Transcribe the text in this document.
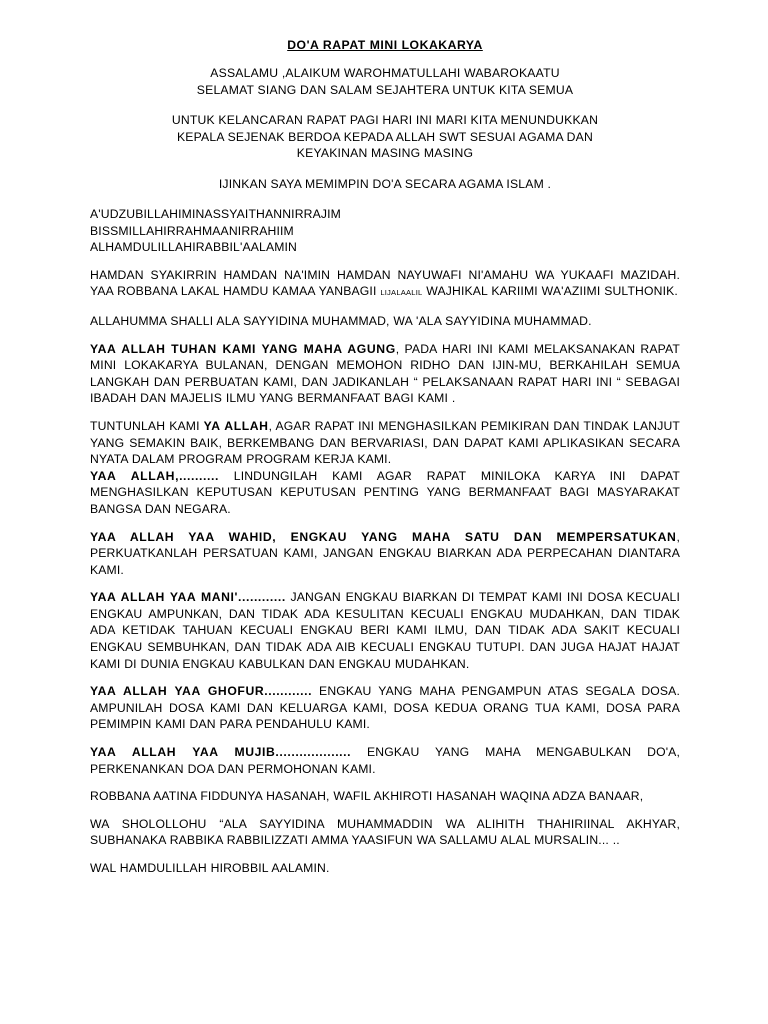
DO'A RAPAT MINI LOKAKARYA
ASSALAMU ,ALAIKUM WAROHMATULLAHI WABAROKAATU
SELAMAT SIANG DAN SALAM SEJAHTERA UNTUK KITA SEMUA
UNTUK KELANCARAN RAPAT PAGI HARI INI MARI KITA MENUNDUKKAN
KEPALA SEJENAK BERDOA KEPADA ALLAH SWT SESUAI AGAMA DAN
KEYAKINAN MASING MASING
IJINKAN SAYA MEMIMPIN DO'A SECARA AGAMA ISLAM .
A'UDZUBILLAHIMINASSYAITHANNIRRAJIM
BISSMILLAHIRRAHMAANIRRAHIIM
ALHAMDULILLAHIRABBIL'AALAMIN
HAMDAN SYAKIRRIN HAMDAN NA'IMIN HAMDAN NAYUWAFI NI'AMAHU WA YUKAAFI MAZIDAH. YAA ROBBANA LAKAL HAMDU KAMAA YANBAGII LIJALAALIL WAJHIKAL KARIIMI WA'AZIIMI SULTHONIK.
ALLAHUMMA SHALLI ALA SAYYIDINA MUHAMMAD, WA 'ALA SAYYIDINA MUHAMMAD.
YAA ALLAH TUHAN KAMI YANG MAHA AGUNG, PADA HARI INI KAMI MELAKSANAKAN RAPAT MINI LOKAKARYA BULANAN, DENGAN MEMOHON RIDHO DAN IJIN-MU, BERKAHILAH SEMUA LANGKAH DAN PERBUATAN KAMI, DAN JADIKANLAH “ PELAKSANAAN RAPAT HARI INI “ SEBAGAI IBADAH DAN MAJELIS ILMU YANG BERMANFAAT BAGI KAMI .
TUNTUNLAH KAMI YA ALLAH, AGAR RAPAT INI MENGHASILKAN PEMIKIRAN DAN TINDAK LANJUT YANG SEMAKIN BAIK, BERKEMBANG DAN BERVARIASI, DAN DAPAT KAMI APLIKASIKAN SECARA NYATA DALAM PROGRAM PROGRAM KERJA KAMI.
YAA ALLAH,.......... LINDUNGILAH KAMI AGAR RAPAT MINILOKA KARYA INI DAPAT MENGHASILKAN KEPUTUSAN KEPUTUSAN PENTING YANG BERMANFAAT BAGI MASYARAKAT BANGSA DAN NEGARA.
YAA ALLAH YAA WAHID, ENGKAU YANG MAHA SATU DAN MEMPERSATUKAN, PERKUATKANLAH PERSATUAN KAMI, JANGAN ENGKAU BIARKAN ADA PERPECAHAN DIANTARA KAMI.
YAA ALLAH YAA MANI'............ JANGAN ENGKAU BIARKAN DI TEMPAT KAMI INI DOSA KECUALI ENGKAU AMPUNKAN, DAN TIDAK ADA KESULITAN KECUALI ENGKAU MUDAHKAN, DAN TIDAK ADA KETIDAK TAHUAN KECUALI ENGKAU BERI KAMI ILMU, DAN TIDAK ADA SAKIT KECUALI ENGKAU SEMBUHKAN, DAN TIDAK ADA AIB KECUALI ENGKAU TUTUPI. DAN JUGA HAJAT HAJAT KAMI DI DUNIA ENGKAU KABULKAN DAN ENGKAU MUDAHKAN.
YAA ALLAH YAA GHOFUR............ ENGKAU YANG MAHA PENGAMPUN ATAS SEGALA DOSA. AMPUNILAH DOSA KAMI DAN KELUARGA KAMI, DOSA KEDUA ORANG TUA KAMI, DOSA PARA PEMIMPIN KAMI DAN PARA PENDAHULU KAMI.
YAA ALLAH YAA MUJIB................... ENGKAU YANG MAHA MENGABULKAN DO'A, PERKENANKAN DOA DAN PERMOHONAN KAMI.
ROBBANA AATINA FIDDUNYA HASANAH, WAFIL AKHIROTI HASANAH WAQINA ADZA BANAAR,
WA SHOLOLLOHU “ALA SAYYIDINA MUHAMMADDIN WA ALIHITH THAHIRIINAL AKHYAR, SUBHANAKA RABBIKA RABBILIZZATI AMMA YAASIFUN WA SALLAMU ALAL MURSALIN... ..
WAL HAMDULILLAH HIROBBIL AALAMIN.
